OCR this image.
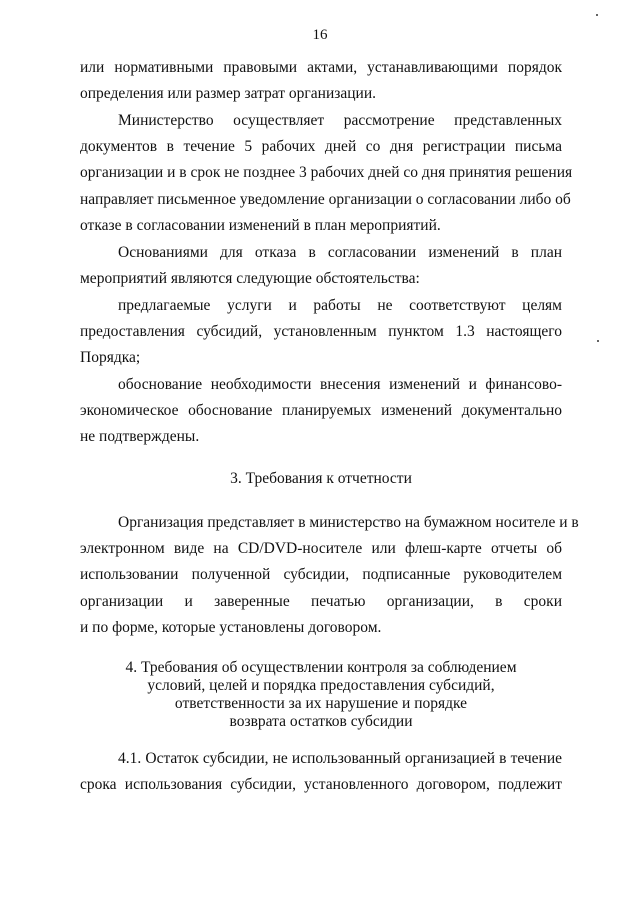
16
или нормативными правовыми актами, устанавливающими порядок
определения или размер затрат организации.
Министерство осуществляет рассмотрение представленных
документов в течение 5 рабочих дней со дня регистрации письма
организации и в срок не позднее 3 рабочих дней со дня принятия решения
направляет письменное уведомление организации о согласовании либо об
отказе в согласовании изменений в план мероприятий.
Основаниями для отказа в согласовании изменений в план
мероприятий являются следующие обстоятельства:
предлагаемые услуги и работы не соответствуют целям
предоставления субсидий, установленным пунктом 1.3 настоящего
Порядка;
обоснование необходимости внесения изменений и финансово-
экономическое обоснование планируемых изменений документально
не подтверждены.
3. Требования к отчетности
Организация представляет в министерство на бумажном носителе и в
электронном виде на CD/DVD-носителе или флеш-карте отчеты об
использовании полученной субсидии, подписанные руководителем
организации и заверенные печатью организации, в сроки
и по форме, которые установлены договором.
4. Требования об осуществлении контроля за соблюдением
условий, целей и порядка предоставления субсидий,
ответственности за их нарушение и порядке
возврата остатков субсидии
4.1. Остаток субсидии, не использованный организацией в течение
срока использования субсидии, установленного договором, подлежит
